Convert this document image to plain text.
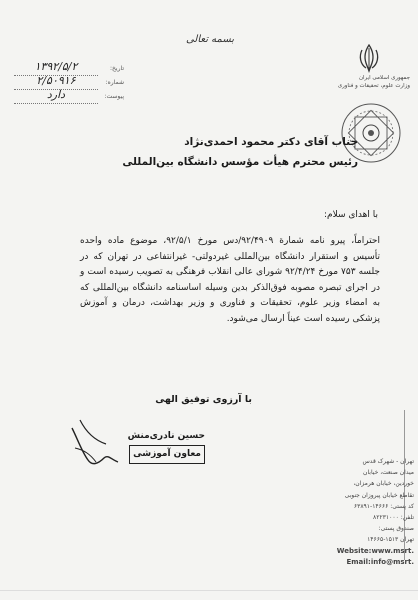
بسمه تعالی
تاریخ:
۱۳۹۲/۵/۲
شماره:
۲/۵۰۹۱۶
پیوست:
دارد
جمهوری اسلامی ایران
وزارت علوم، تحقیقات و فناوری

جناب آقای دکتر محمود احمدی‌نژاد

رئیس محترم هیأت مؤسس دانشگاه بین‌المللی

با اهدای سلام:
احتراماً، پیرو نامه شمارة ۹۲/۴۹۰۹/دس مورخ ۹۲/۵/۱، موضوع ماده واحده تأسیس و استقرار دانشگاه بین‌المللی غیردولتی- غیرانتفاعی در تهران که در جلسه ۷۵۳ مورخ ۹۲/۴/۲۴ شورای عالی انقلاب فرهنگی به تصویب رسیده است و در اجرای تبصره مصوبه فوق‌الذکر بدین وسیله اساسنامه دانشگاه بین‌المللی که به امضاء وزیر علوم، تحقیقات و فناوری و وزیر بهداشت، درمان و آموزش پزشکی رسیده است عیناً ارسال می‌شود.
با آرزوی توفیق الهی
حسین نادری‌منش
معاون آموزشی
تهران - شهرک قدس
میدان صنعت، خیابان
خوردین، خیابان هرمزان،
تقاطع خیابان پیروزان جنوبی
کد پستی: ۱۴۶۶۶-۶۳۸۹۱
تلفن: ۸۲۲۳۱۰۰۰
صندوق پستی:
تهران ۱۵۱۳-۱۴۶۶۵
Website:www.msrt.
Email:info@msrt.
